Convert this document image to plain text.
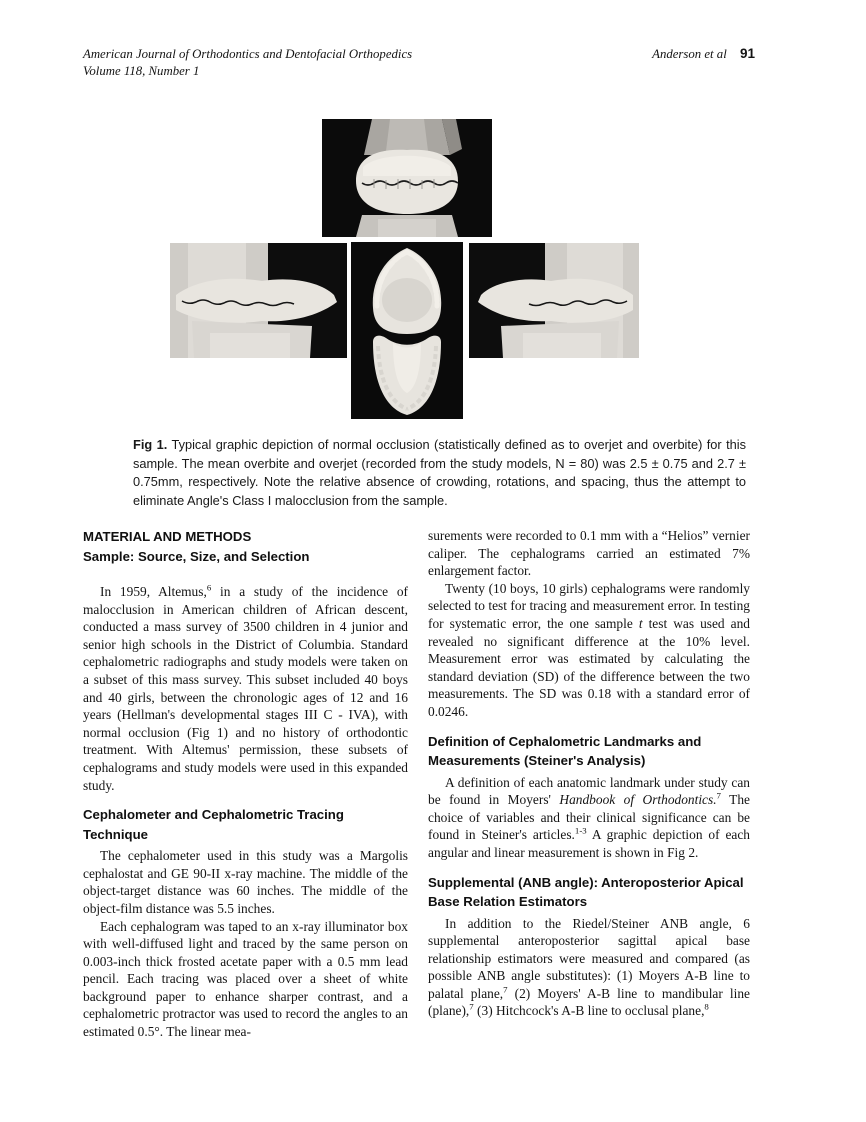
American Journal of Orthodontics and Dentofacial Orthopedics
Volume 118, Number 1
Anderson et al 91
Fig 1. Typical graphic depiction of normal occlusion (statistically defined as to overjet and overbite) for this sample. The mean overbite and overjet (recorded from the study models, N = 80) was 2.5 ± 0.75 and 2.7 ± 0.75mm, respectively. Note the relative absence of crowding, rotations, and spacing, thus the attempt to eliminate Angle's Class I malocclusion from the sample.
MATERIAL AND METHODS
Sample: Source, Size, and Selection

In 1959, Altemus,$^6$ in a study of the incidence of malocclusion in American children of African descent, conducted a mass survey of 3500 children in 4 junior and senior high schools in the District of Columbia. Standard cephalometric radiographs and study models were taken on a subset of this mass survey. This subset included 40 boys and 40 girls, between the chronologic ages of 12 and 16 years (Hellman's developmental stages III C - IVA), with normal occlusion (Fig 1) and no history of orthodontic treatment. With Altemus' permission, these subsets of cephalograms and study models were used in this expanded study.

Cephalometer and Cephalometric Tracing Technique

The cephalometer used in this study was a Margolis cephalostat and GE 90-II x-ray machine. The middle of the object-target distance was 60 inches. The middle of the object-film distance was 5.5 inches.

Each cephalogram was taped to an x-ray illuminator box with well-diffused light and traced by the same person on 0.003-inch thick frosted acetate paper with a 0.5 mm lead pencil. Each tracing was placed over a sheet of white background paper to enhance sharper contrast, and a cephalometric protractor was used to record the angles to an estimated 0.5°. The linear mea-

surements were recorded to 0.1 mm with a “Helios” vernier caliper. The cephalograms carried an estimated 7% enlargement factor.

Twenty (10 boys, 10 girls) cephalograms were randomly selected to test for tracing and measurement error. In testing for systematic error, the one sample t test was used and revealed no significant difference at the 10% level. Measurement error was estimated by calculating the standard deviation (SD) of the difference between the two measurements. The SD was 0.18 with a standard error of 0.0246.

Definition of Cephalometric Landmarks and Measurements (Steiner's Analysis)

A definition of each anatomic landmark under study can be found in Moyers' Handbook of Orthodontics.$^7$ The choice of variables and their clinical significance can be found in Steiner's articles.$^{1-3}$ A graphic depiction of each angular and linear measurement is shown in Fig 2.

Supplemental (ANB angle): Anteroposterior Apical Base Relation Estimators

In addition to the Riedel/Steiner ANB angle, 6 supplemental anteroposterior sagittal apical base relationship estimators were measured and compared (as possible ANB angle substitutes): (1) Moyers A-B line to palatal plane,$^7$ (2) Moyers' A-B line to mandibular line (plane),$^7$ (3) Hitchcock's A-B line to occlusal plane,$^8$
